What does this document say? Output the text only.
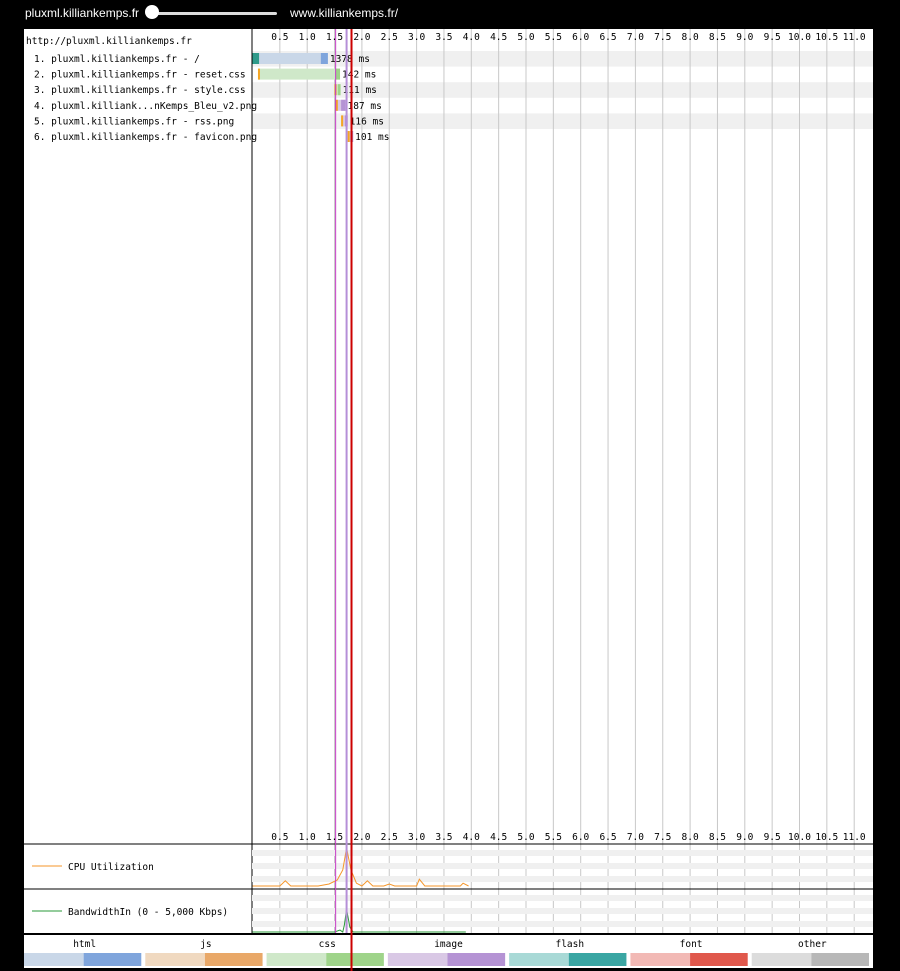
pluxml.killiankemps.fr	www.killiankemps.fr/
http://pluxml.killiankemps.fr	0.5
0.5
1.0
1.0
1.5
1.5
2.0
2.0
2.5
2.5
3.0
3.0
3.5
3.5
4.0
4.0
4.5
4.5
5.0
5.0
5.5
5.5
6.0
6.0
6.5
6.5
7.0
7.0
7.5
7.5
8.0
8.0
8.5
8.5
9.0
9.0
9.5
9.5
10.0
10.0
10.5
10.5
11.0
11.0
1. pluxml.killiankemps.fr - /	1378 ms
2. pluxml.killiankemps.fr - reset.css	142 ms
3. pluxml.killiankemps.fr - style.css	111 ms
4. pluxml.killiank...nKemps_Bleu_v2.png	187 ms
5. pluxml.killiankemps.fr - rss.png	116 ms
6. pluxml.killiankemps.fr - favicon.png	101 ms
CPU Utilization
BandwidthIn (0 - 5,000 Kbps)
html	js	css	image	flash	font	other
